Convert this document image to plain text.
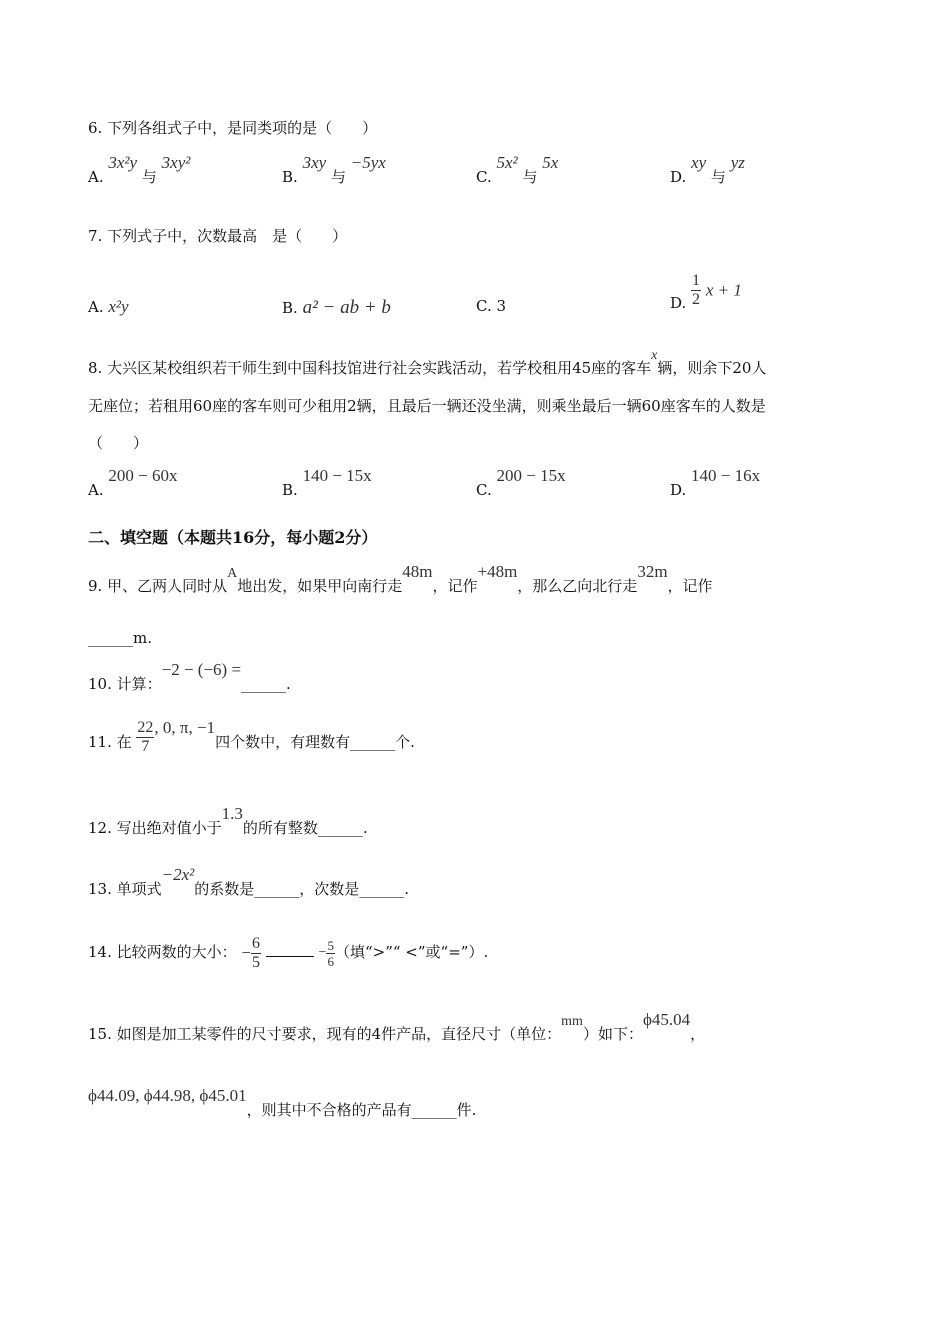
6. 下列各组式子中，是同类项的是（　　）
A. 3x²y 与 3xy²
B. 3xy 与 −5yx
C. 5x² 与 5x
D. xy 与 yz
7. 下列式子中，次数最高　是（　　）
A. x²y	B. a² − ab + b	C. 3	D. $\frac{1}{2}$ x + 1
8. 大兴区某校组织若干师生到中国科技馆进行社会实践活动，若学校租用45座的客车x辆，则余下20人
无座位；若租用60座的客车则可少租用2辆，且最后一辆还没坐满，则乘坐最后一辆60座客车的人数是
（　　）
A. 200 − 60x
B. 140 − 15x
C. 200 − 15x
D. 140 − 16x
二、填空题（本题共16分，每小题2分）
9. 甲、乙两人同时从A地出发，如果甲向南行走48m，记作+48m，那么乙向北行走32m，记作
______m.
10. 计算：−2 − (−6) =______.
11. 在 $\frac{22}{7}$ , 0, π, −1四个数中，有理数有______个.
12. 写出绝对值小于1.3的所有整数______.
13. 单项式−2x²的系数是______，次数是______.
14. 比较两数的大小： − $\frac{6}{5}$	− $\frac{5}{6}$ （填“>”“ <”或“=”）.
15. 如图是加工某零件的尺寸要求，现有的4件产品，直径尺寸（单位：mm）如下：ϕ45.04，
ϕ44.09, ϕ44.98, ϕ45.01，则其中不合格的产品有______件.
